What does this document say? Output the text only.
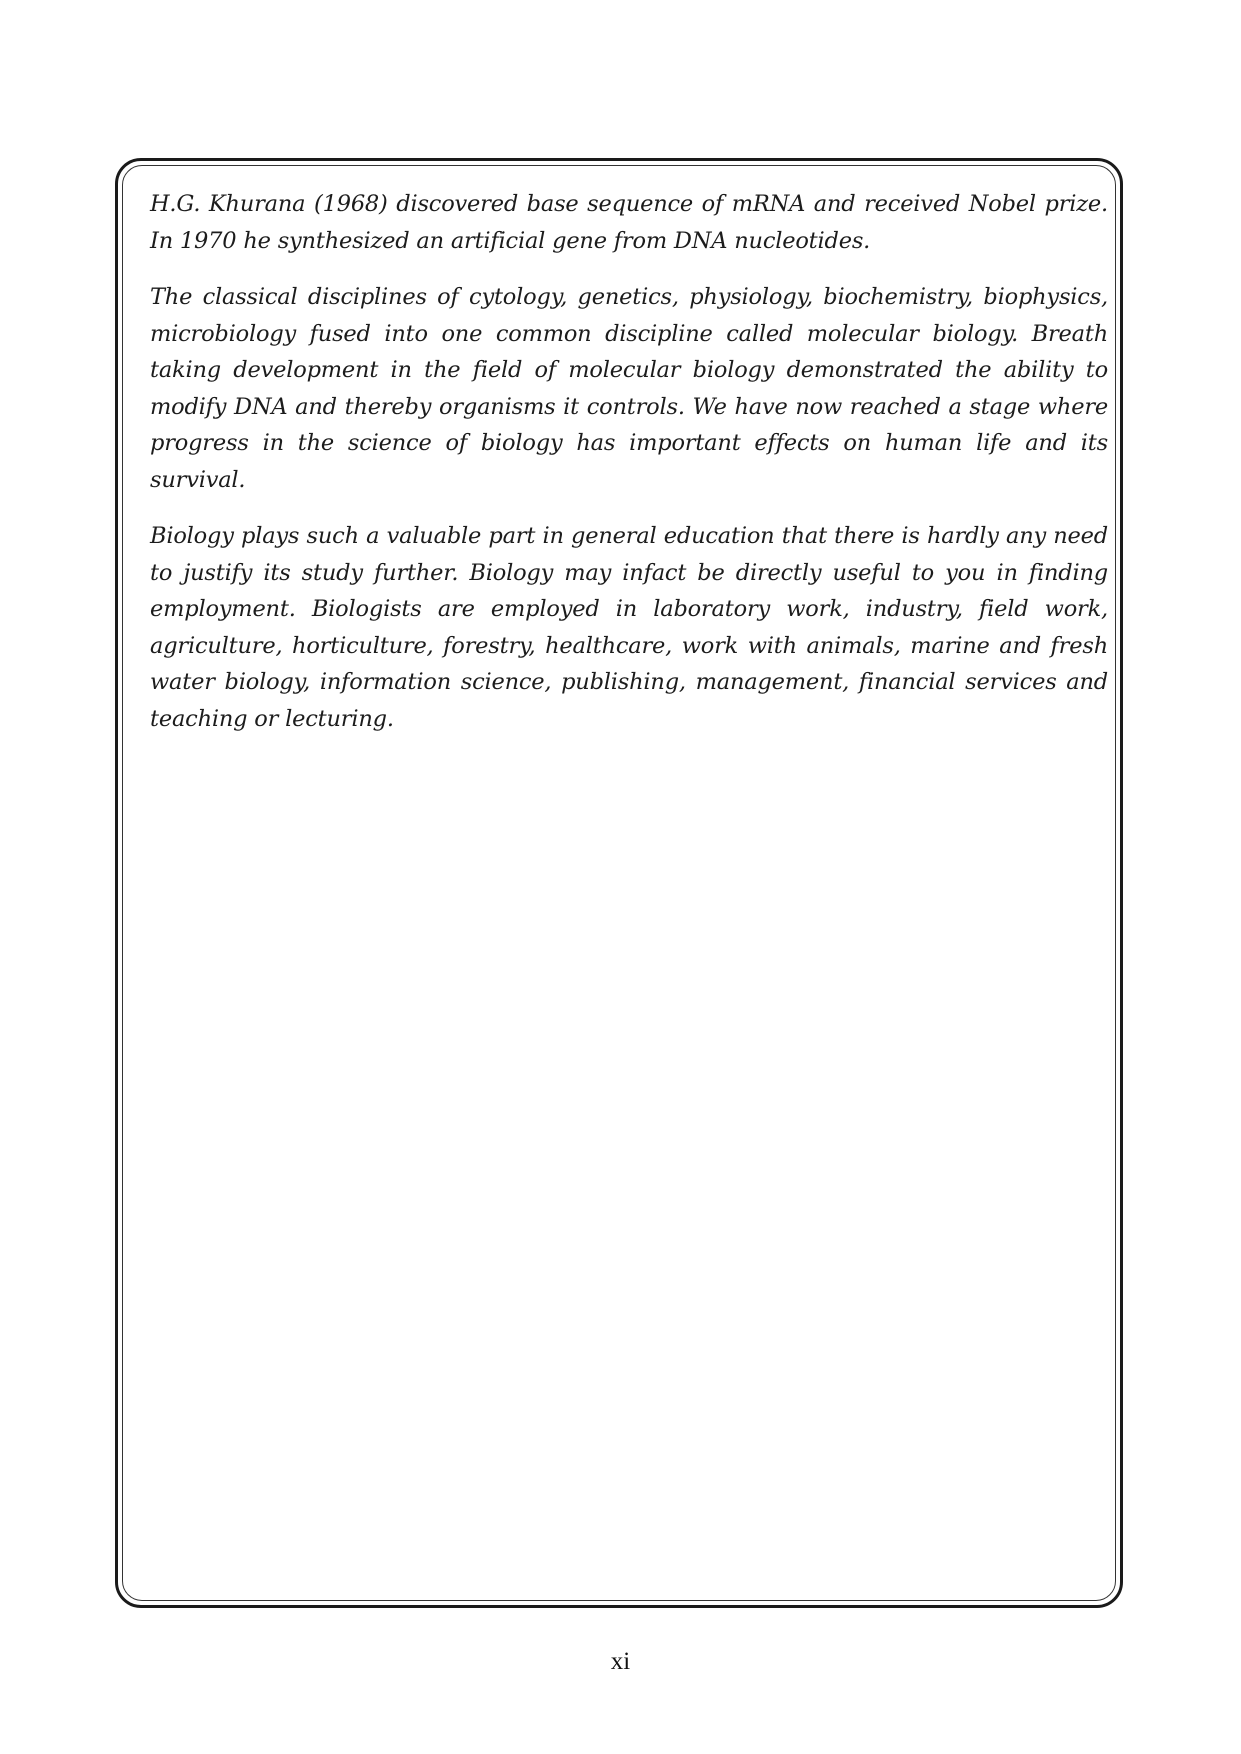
H.G. Khurana (1968) discovered base sequence of mRNA and received Nobel prize. In 1970 he synthesized an artificial gene from DNA nucleotides.

The classical disciplines of cytology, genetics, physiology, biochemistry, biophysics, microbiology fused into one common discipline called molecular biology. Breath taking development in the field of molecular biology demonstrated the ability to modify DNA and thereby organisms it controls. We have now reached a stage where progress in the science of biology has important effects on human life and its survival.

Biology plays such a valuable part in general education that there is hardly any need to justify its study further. Biology may infact be directly useful to you in finding employment. Biologists are employed in laboratory work, industry, field work, agriculture, horticulture, forestry, healthcare, work with animals, marine and fresh water biology, information science, publishing, management, financial services and teaching or lecturing.

xi
